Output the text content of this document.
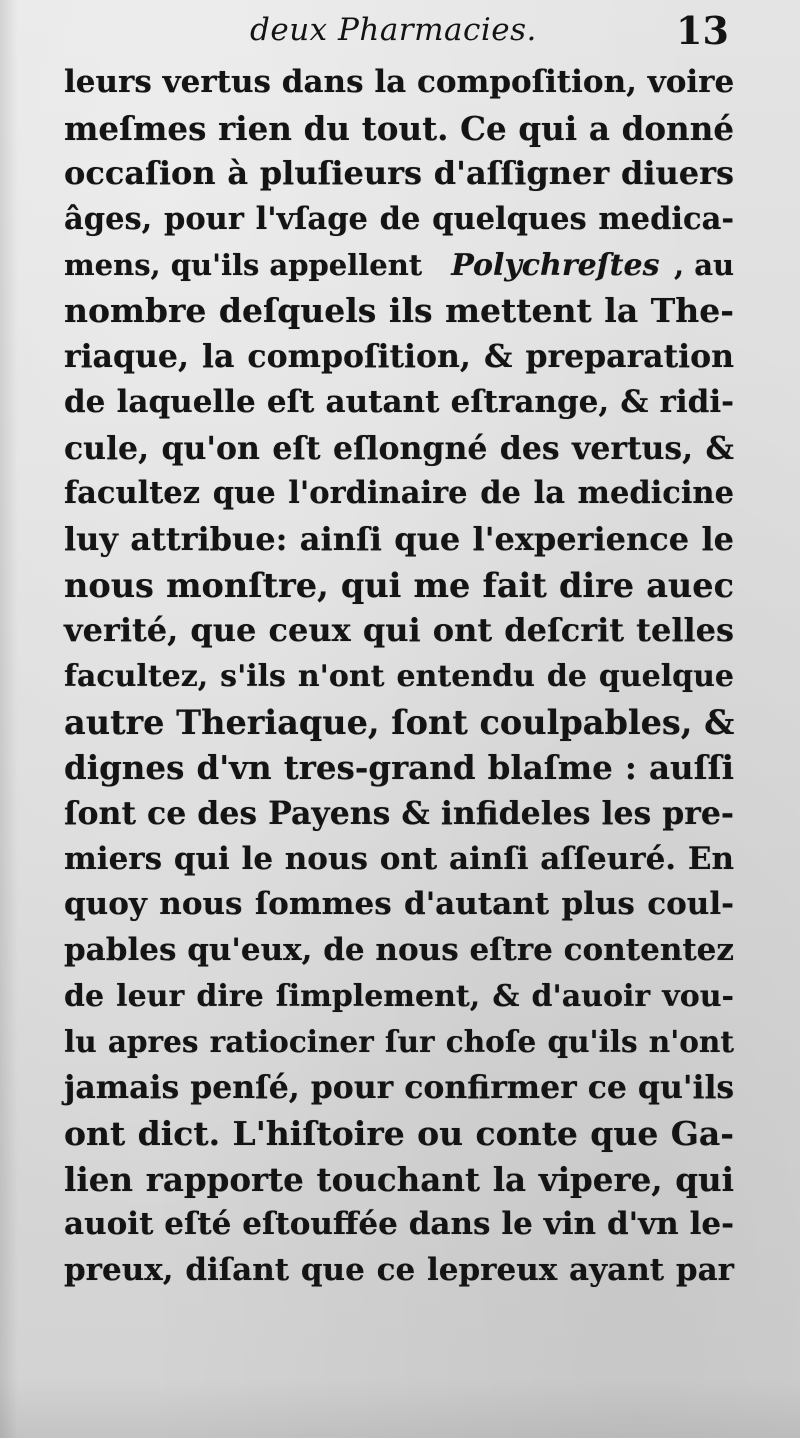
deux Pharmacies.	13
leurs vertus dans la compoſition, voire
meſmes rien du tout. Ce qui a donné
occaſion à pluſieurs d'aſſigner diuers
âges, pour l'vſage de quelques medica-
mens, qu'ils appellent  Polychreſtes  , au
nombre deſquels ils mettent la The-
riaque, la compoſition, & preparation
de laquelle eſt autant eſtrange, & ridi-
cule, qu'on eſt eſlongné des vertus, &
facultez que l'ordinaire de la medicine
luy attribue: ainſi que l'experience le
nous monſtre, qui me fait dire auec
verité, que ceux qui ont deſcrit telles
facultez, s'ils n'ont entendu de quelque
autre Theriaque, ſont coulpables, &
dignes d'vn tres-grand blaſme : auſſi
ſont ce des Payens & infideles les pre-
miers qui le nous ont ainſi aſſeuré. En
quoy nous ſommes d'autant plus coul-
pables qu'eux, de nous eſtre contentez
de leur dire ſimplement, & d'auoir vou-
lu apres ratiociner ſur choſe qu'ils n'ont
jamais penſé, pour confirmer ce qu'ils
ont dict. L'hiſtoire ou conte que Ga-
lien rapporte touchant la vipere, qui
auoit eſté eſtouffée dans le vin d'vn le-
preux, diſant que ce lepreux ayant par
